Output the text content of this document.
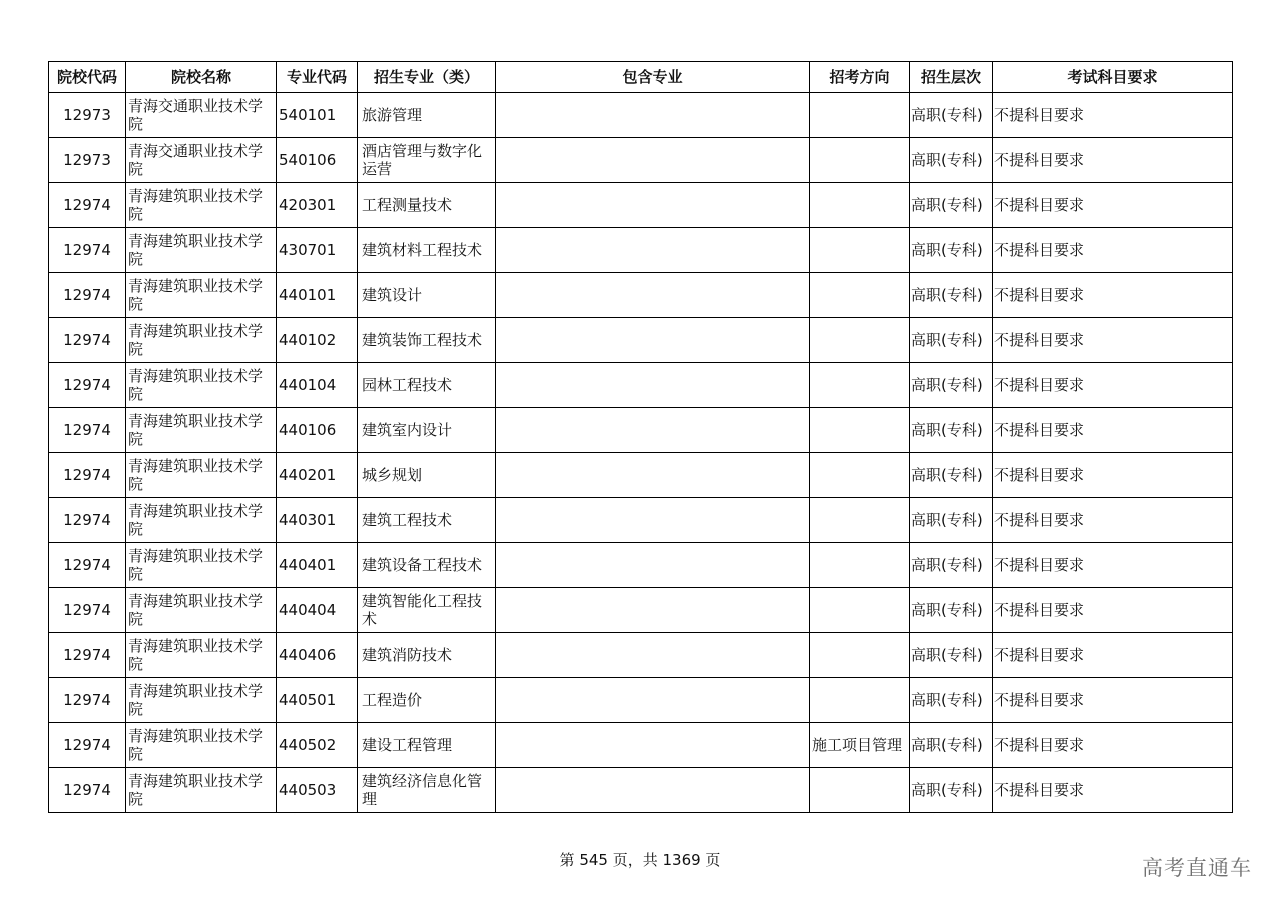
院校代码	院校名称	专业代码	招生专业（类）	包含专业	招考方向	招生层次	考试科目要求
12973	青海交通职业技术学院	540101	旅游管理			高职(专科)	不提科目要求
12973	青海交通职业技术学院	540106	酒店管理与数字化运营			高职(专科)	不提科目要求
12974	青海建筑职业技术学院	420301	工程测量技术			高职(专科)	不提科目要求
12974	青海建筑职业技术学院	430701	建筑材料工程技术			高职(专科)	不提科目要求
12974	青海建筑职业技术学院	440101	建筑设计			高职(专科)	不提科目要求
12974	青海建筑职业技术学院	440102	建筑装饰工程技术			高职(专科)	不提科目要求
12974	青海建筑职业技术学院	440104	园林工程技术			高职(专科)	不提科目要求
12974	青海建筑职业技术学院	440106	建筑室内设计			高职(专科)	不提科目要求
12974	青海建筑职业技术学院	440201	城乡规划			高职(专科)	不提科目要求
12974	青海建筑职业技术学院	440301	建筑工程技术			高职(专科)	不提科目要求
12974	青海建筑职业技术学院	440401	建筑设备工程技术			高职(专科)	不提科目要求
12974	青海建筑职业技术学院	440404	建筑智能化工程技术			高职(专科)	不提科目要求
12974	青海建筑职业技术学院	440406	建筑消防技术			高职(专科)	不提科目要求
12974	青海建筑职业技术学院	440501	工程造价			高职(专科)	不提科目要求
12974	青海建筑职业技术学院	440502	建设工程管理		施工项目管理	高职(专科)	不提科目要求
12974	青海建筑职业技术学院	440503	建筑经济信息化管理			高职(专科)	不提科目要求
第 545 页，共 1369 页	高考直通车
